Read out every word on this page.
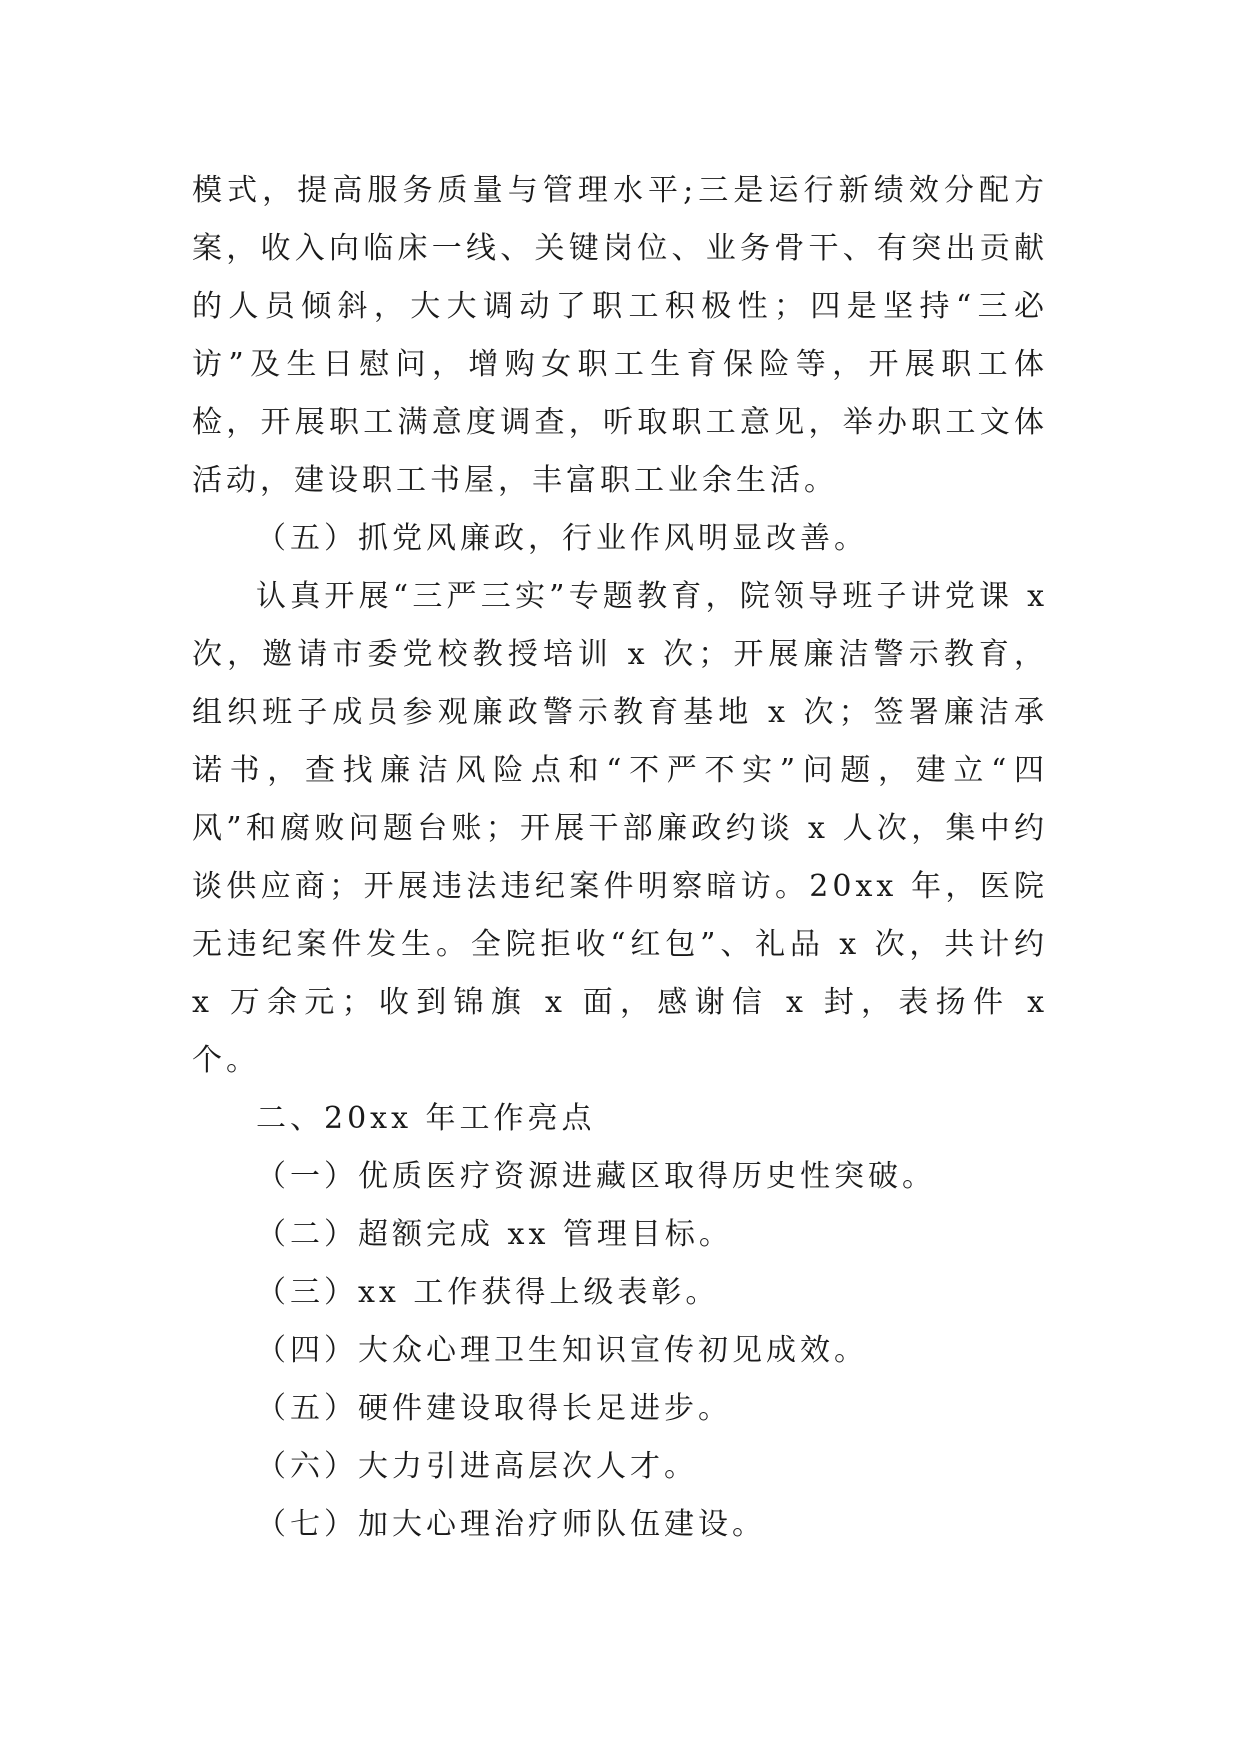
模式，提高服务质量与管理水平;三是运行新绩效分配方案，收入向临床一线、关键岗位、业务骨干、有突出贡献的人员倾斜，大大调动了职工积极性；四是坚持“三必访”及生日慰问，增购女职工生育保险等，开展职工体检，开展职工满意度调查，听取职工意见，举办职工文体活动，建设职工书屋，丰富职工业余生活。

（五）抓党风廉政，行业作风明显改善。

认真开展“三严三实”专题教育，院领导班子讲党课 x 次，邀请市委党校教授培训 x 次；开展廉洁警示教育，组织班子成员参观廉政警示教育基地 x 次；签署廉洁承诺书，查找廉洁风险点和“不严不实”问题，建立“四风”和腐败问题台账；开展干部廉政约谈 x 人次，集中约谈供应商；开展违法违纪案件明察暗访。20xx 年，医院无违纪案件发生。全院拒收“红包”、礼品 x 次，共计约 x 万余元；收到锦旗 x 面，感谢信 x 封，表扬件 x 个。

二、20xx 年工作亮点

（一）优质医疗资源进藏区取得历史性突破。

（二）超额完成 xx 管理目标。

（三）xx 工作获得上级表彰。

（四）大众心理卫生知识宣传初见成效。

（五）硬件建设取得长足进步。

（六）大力引进高层次人才。

（七）加大心理治疗师队伍建设。
